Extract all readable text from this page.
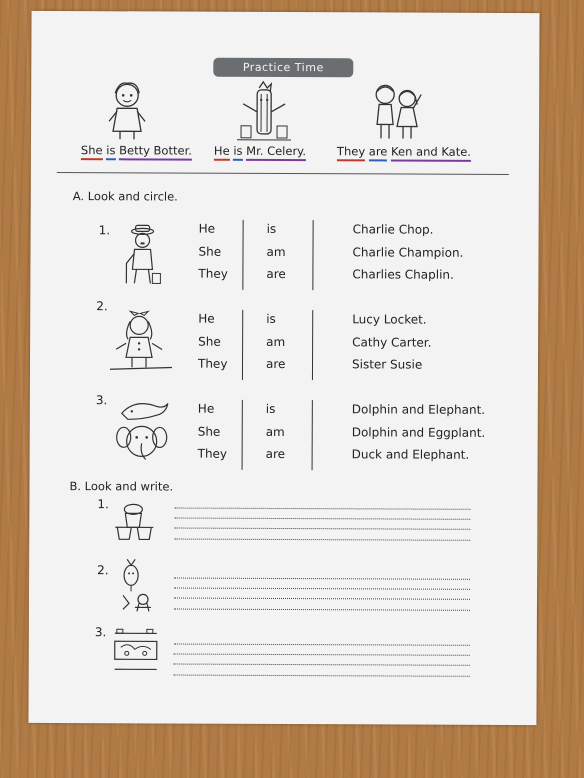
Practice Time
She is Betty Botter. He is Mr. Celery.	They are Ken and Kate.
A. Look and circle.
1.
2.
3.
B. Look and write.
1.
2.
3.
He
She
They
is
am
are
Charlie Chop.
Charlie Champion.
Charlies Chaplin.
He
She
They
is
am
are
Lucy Locket.
Cathy Carter.
Sister Susie
He
She
They
is
am
are
Dolphin and Elephant.
Dolphin and Eggplant.
Duck and Elephant.
